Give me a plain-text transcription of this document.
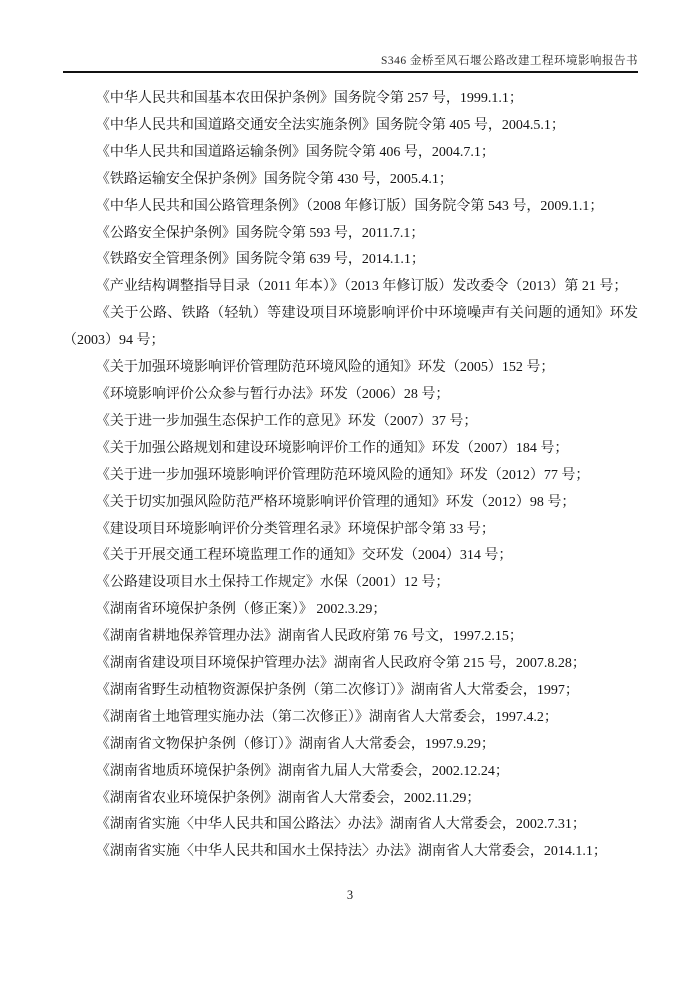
S346 金桥至风石堰公路改建工程环境影响报告书

《中华人民共和国基本农田保护条例》国务院令第 257 号，1999.1.1；

《中华人民共和国道路交通安全法实施条例》国务院令第 405 号，2004.5.1；

《中华人民共和国道路运输条例》国务院令第 406 号，2004.7.1；

《铁路运输安全保护条例》国务院令第 430 号，2005.4.1；

《中华人民共和国公路管理条例》（2008 年修订版）国务院令第 543 号，2009.1.1；

《公路安全保护条例》国务院令第 593 号，2011.7.1；

《铁路安全管理条例》国务院令第 639 号，2014.1.1；

《产业结构调整指导目录（2011 年本）》（2013 年修订版）发改委令（2013）第 21 号；

《关于公路、铁路（轻轨）等建设项目环境影响评价中环境噪声有关问题的通知》环发（2003）94 号；

《关于加强环境影响评价管理防范环境风险的通知》环发（2005）152 号；

《环境影响评价公众参与暂行办法》环发（2006）28 号；

《关于进一步加强生态保护工作的意见》环发（2007）37 号；

《关于加强公路规划和建设环境影响评价工作的通知》环发（2007）184 号；

《关于进一步加强环境影响评价管理防范环境风险的通知》环发（2012）77 号；

《关于切实加强风险防范严格环境影响评价管理的通知》环发（2012）98 号；

《建设项目环境影响评价分类管理名录》环境保护部令第 33 号；

《关于开展交通工程环境监理工作的通知》交环发（2004）314 号；

《公路建设项目水土保持工作规定》水保（2001）12 号；

《湖南省环境保护条例（修正案）》 2002.3.29；

《湖南省耕地保养管理办法》湖南省人民政府第 76 号文，1997.2.15；

《湖南省建设项目环境保护管理办法》湖南省人民政府令第 215 号，2007.8.28；

《湖南省野生动植物资源保护条例（第二次修订）》湖南省人大常委会，1997；

《湖南省土地管理实施办法（第二次修正）》湖南省人大常委会，1997.4.2；

《湖南省文物保护条例（修订）》湖南省人大常委会，1997.9.29；

《湖南省地质环境保护条例》湖南省九届人大常委会，2002.12.24；

《湖南省农业环境保护条例》湖南省人大常委会，2002.11.29；

《湖南省实施〈中华人民共和国公路法〉办法》湖南省人大常委会，2002.7.31；

《湖南省实施〈中华人民共和国水土保持法〉办法》湖南省人大常委会，2014.1.1；

3
